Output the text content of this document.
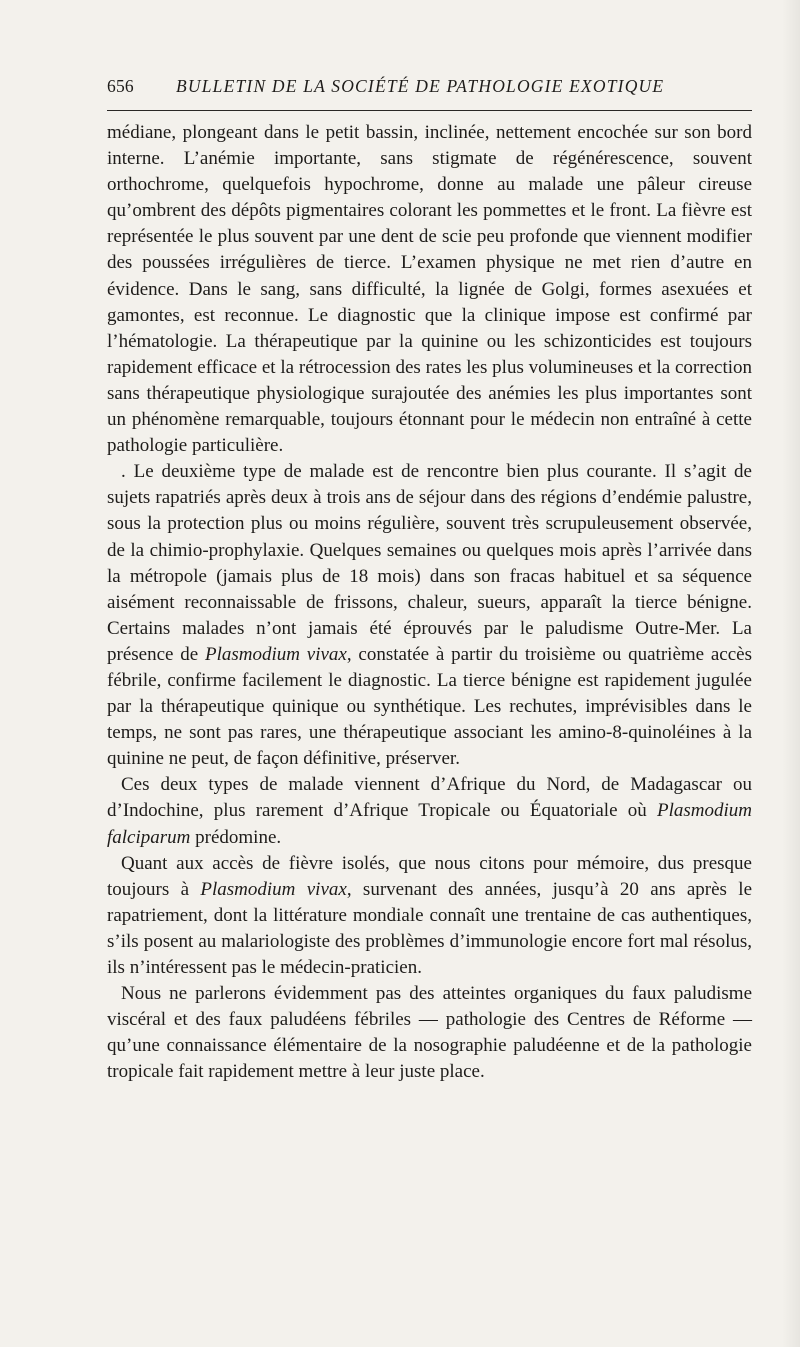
656 BULLETIN DE LA SOCIÉTÉ DE PATHOLOGIE EXOTIQUE

médiane, plongeant dans le petit bassin, inclinée, nettement encochée sur son bord interne. L’anémie importante, sans stigmate de régénérescence, souvent orthochrome, quelquefois hypochrome, donne au malade une pâleur cireuse qu’ombrent des dépôts pigmentaires colorant les pommettes et le front. La fièvre est représentée le plus souvent par une dent de scie peu profonde que viennent modifier des poussées irrégulières de tierce. L’examen physique ne met rien d’autre en évidence. Dans le sang, sans difficulté, la lignée de Golgi, formes asexuées et gamontes, est reconnue. Le diagnostic que la clinique impose est confirmé par l’hématologie. La thérapeutique par la quinine ou les schizonticides est toujours rapidement efficace et la rétrocession des rates les plus volumineuses et la correction sans thérapeutique physiologique surajoutée des anémies les plus importantes sont un phénomène remarquable, toujours étonnant pour le médecin non entraîné à cette pathologie particulière.

. Le deuxième type de malade est de rencontre bien plus courante. Il s’agit de sujets rapatriés après deux à trois ans de séjour dans des régions d’endémie palustre, sous la protection plus ou moins régulière, souvent très scrupuleusement observée, de la chimio-prophylaxie. Quelques semaines ou quelques mois après l’arrivée dans la métropole (jamais plus de 18 mois) dans son fracas habituel et sa séquence aisément reconnaissable de frissons, chaleur, sueurs, apparaît la tierce bénigne. Certains malades n’ont jamais été éprouvés par le paludisme Outre-Mer. La présence de Plasmodium vivax, constatée à partir du troisième ou quatrième accès fébrile, confirme facilement le diagnostic. La tierce bénigne est rapidement jugulée par la thérapeutique quinique ou synthétique. Les rechutes, imprévisibles dans le temps, ne sont pas rares, une thérapeutique associant les amino-8-quinoléines à la quinine ne peut, de façon définitive, préserver.

Ces deux types de malade viennent d’Afrique du Nord, de Madagascar ou d’Indochine, plus rarement d’Afrique Tropicale ou Équatoriale où Plasmodium falciparum prédomine.

Quant aux accès de fièvre isolés, que nous citons pour mémoire, dus presque toujours à Plasmodium vivax, survenant des années, jusqu’à 20 ans après le rapatriement, dont la littérature mondiale connaît une trentaine de cas authentiques, s’ils posent au malariologiste des problèmes d’immunologie encore fort mal résolus, ils n’intéressent pas le médecin-praticien.

Nous ne parlerons évidemment pas des atteintes organiques du faux paludisme viscéral et des faux paludéens fébriles — pathologie des Centres de Réforme — qu’une connaissance élémentaire de la nosographie paludéenne et de la pathologie tropicale fait rapidement mettre à leur juste place.
